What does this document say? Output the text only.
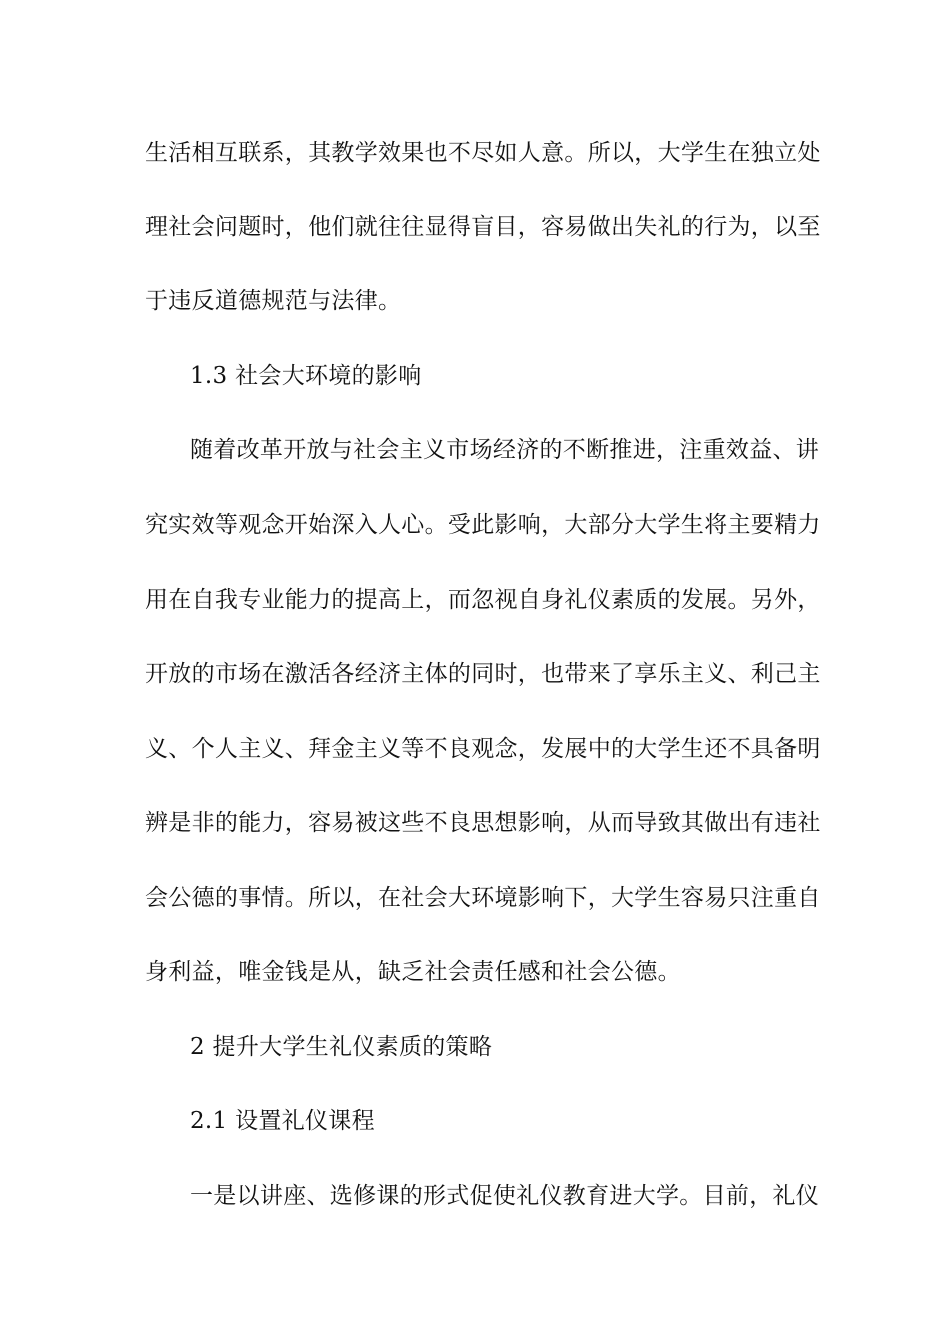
生活相互联系，其教学效果也不尽如人意。所以，大学生在独立处
理社会问题时，他们就往往显得盲目，容易做出失礼的行为，以至
于违反道德规范与法律。
1.3 社会大环境的影响
随着改革开放与社会主义市场经济的不断推进，注重效益、讲
究实效等观念开始深入人心。受此影响，大部分大学生将主要精力
用在自我专业能力的提高上，而忽视自身礼仪素质的发展。另外，
开放的市场在激活各经济主体的同时，也带来了享乐主义、利己主
义、个人主义、拜金主义等不良观念，发展中的大学生还不具备明
辨是非的能力，容易被这些不良思想影响，从而导致其做出有违社
会公德的事情。所以，在社会大环境影响下，大学生容易只注重自
身利益，唯金钱是从，缺乏社会责任感和社会公德。
2 提升大学生礼仪素质的策略
2.1 设置礼仪课程
一是以讲座、选修课的形式促使礼仪教育进大学。目前，礼仪
